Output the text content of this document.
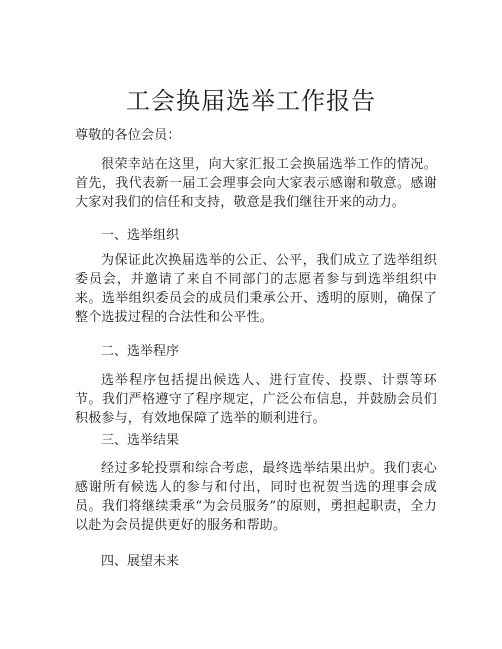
工会换届选举工作报告

尊敬的各位会员：

很荣幸站在这里，向大家汇报工会换届选举工作的情况。首先，我代表新一届工会理事会向大家表示感谢和敬意。感谢大家对我们的信任和支持，敬意是我们继往开来的动力。

一、选举组织

为保证此次换届选举的公正、公平，我们成立了选举组织委员会，并邀请了来自不同部门的志愿者参与到选举组织中来。选举组织委员会的成员们秉承公开、透明的原则，确保了整个选拔过程的合法性和公平性。

二、选举程序

选举程序包括提出候选人、进行宣传、投票、计票等环节。我们严格遵守了程序规定，广泛公布信息，并鼓励会员们积极参与，有效地保障了选举的顺利进行。

三、选举结果

经过多轮投票和综合考虑，最终选举结果出炉。我们衷心感谢所有候选人的参与和付出，同时也祝贺当选的理事会成员。我们将继续秉承“为会员服务”的原则，勇担起职责，全力以赴为会员提供更好的服务和帮助。

四、展望未来
